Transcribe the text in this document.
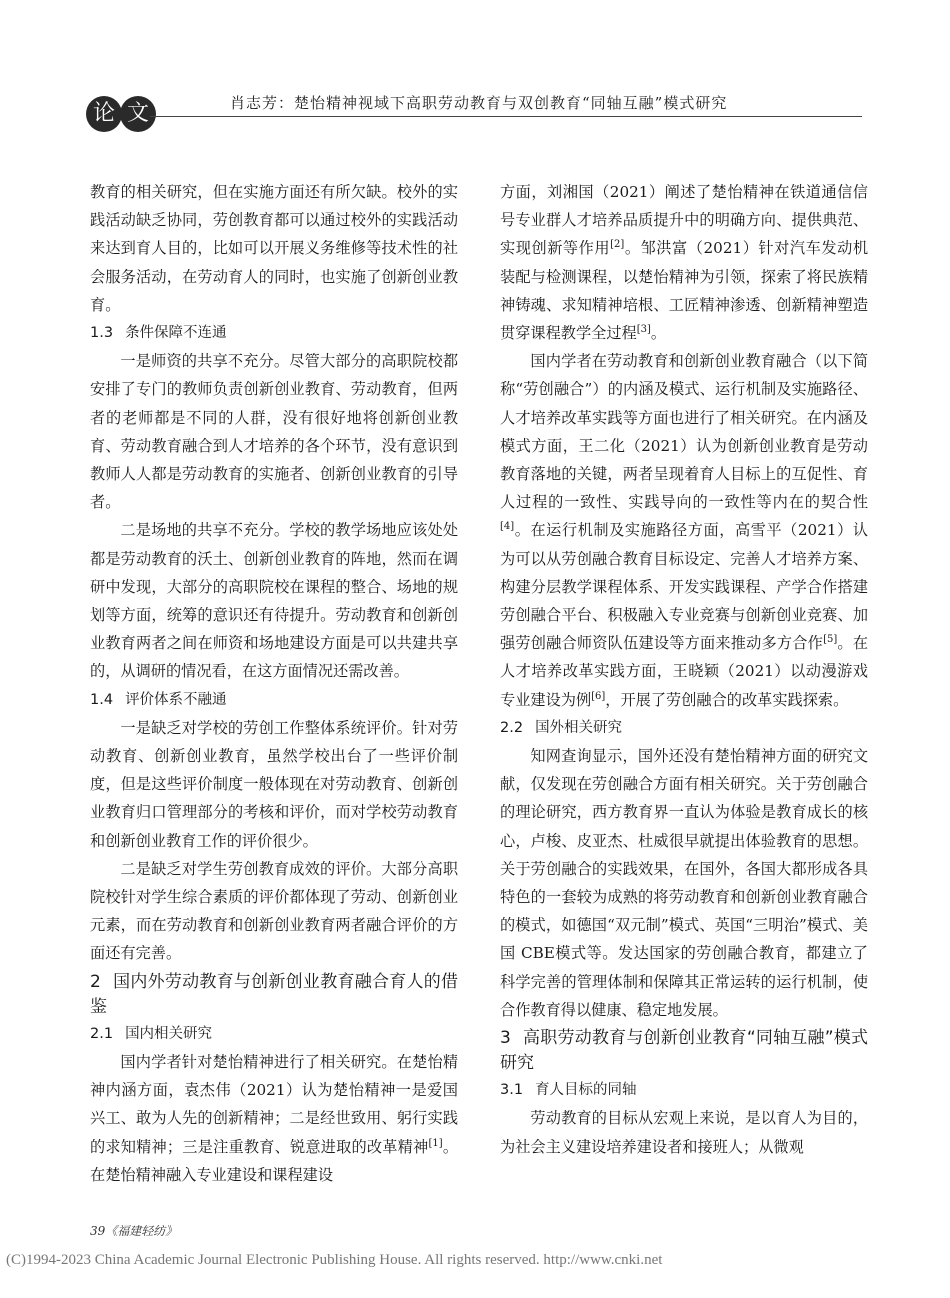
论 文	肖志芳：楚怡精神视域下高职劳动教育与双创教育“同轴互融”模式研究

教育的相关研究，但在实施方面还有所欠缺。校外的实践活动缺乏协同，劳创教育都可以通过校外的实践活动来达到育人目的，比如可以开展义务维修等技术性的社会服务活动，在劳动育人的同时，也实施了创新创业教育。

1.3 条件保障不连通

一是师资的共享不充分。尽管大部分的高职院校都安排了专门的教师负责创新创业教育、劳动教育，但两者的老师都是不同的人群，没有很好地将创新创业教育、劳动教育融合到人才培养的各个环节，没有意识到教师人人都是劳动教育的实施者、创新创业教育的引导者。

二是场地的共享不充分。学校的教学场地应该处处都是劳动教育的沃土、创新创业教育的阵地，然而在调研中发现，大部分的高职院校在课程的整合、场地的规划等方面，统筹的意识还有待提升。劳动教育和创新创业教育两者之间在师资和场地建设方面是可以共建共享的，从调研的情况看，在这方面情况还需改善。

1.4 评价体系不融通

一是缺乏对学校的劳创工作整体系统评价。针对劳动教育、创新创业教育，虽然学校出台了一些评价制度，但是这些评价制度一般体现在对劳动教育、创新创业教育归口管理部分的考核和评价，而对学校劳动教育和创新创业教育工作的评价很少。

二是缺乏对学生劳创教育成效的评价。大部分高职院校针对学生综合素质的评价都体现了劳动、创新创业元素，而在劳动教育和创新创业教育两者融合评价的方面还有完善。

2 国内外劳动教育与创新创业教育融合育人的借鉴
2.1 国内相关研究

国内学者针对楚怡精神进行了相关研究。在楚怡精神内涵方面，袁杰伟（2021）认为楚怡精神一是爱国兴工、敢为人先的创新精神；二是经世致用、躬行实践的求知精神；三是注重教育、锐意进取的改革精神[1]。在楚怡精神融入专业建设和课程建设

方面，刘湘国（2021）阐述了楚怡精神在铁道通信信号专业群人才培养品质提升中的明确方向、提供典范、实现创新等作用[2]。邹洪富（2021）针对汽车发动机装配与检测课程，以楚怡精神为引领，探索了将民族精神铸魂、求知精神培根、工匠精神渗透、创新精神塑造贯穿课程教学全过程[3]。

国内学者在劳动教育和创新创业教育融合（以下简称“劳创融合”）的内涵及模式、运行机制及实施路径、人才培养改革实践等方面也进行了相关研究。在内涵及模式方面，王二化（2021）认为创新创业教育是劳动教育落地的关键，两者呈现着育人目标上的互促性、育人过程的一致性、实践导向的一致性等内在的契合性[4]。在运行机制及实施路径方面，高雪平（2021）认为可以从劳创融合教育目标设定、完善人才培养方案、构建分层教学课程体系、开发实践课程、产学合作搭建劳创融合平台、积极融入专业竞赛与创新创业竞赛、加强劳创融合师资队伍建设等方面来推动多方合作[5]。在人才培养改革实践方面，王晓颖（2021）以动漫游戏专业建设为例[6]，开展了劳创融合的改革实践探索。

2.2 国外相关研究

知网查询显示，国外还没有楚怡精神方面的研究文献，仅发现在劳创融合方面有相关研究。关于劳创融合的理论研究，西方教育界一直认为体验是教育成长的核心，卢梭、皮亚杰、杜威很早就提出体验教育的思想。关于劳创融合的实践效果，在国外，各国大都形成各具特色的一套较为成熟的将劳动教育和创新创业教育融合的模式，如德国“双元制”模式、英国“三明治”模式、美国 CBE模式等。发达国家的劳创融合教育，都建立了科学完善的管理体制和保障其正常运转的运行机制，使合作教育得以健康、稳定地发展。

3 高职劳动教育与创新创业教育“同轴互融”模式研究
3.1 育人目标的同轴

劳动教育的目标从宏观上来说，是以育人为目的，为社会主义建设培养建设者和接班人；从微观

39《福建轻纺》
(C)1994-2023 China Academic Journal Electronic Publishing House. All rights reserved. http://www.cnki.net
